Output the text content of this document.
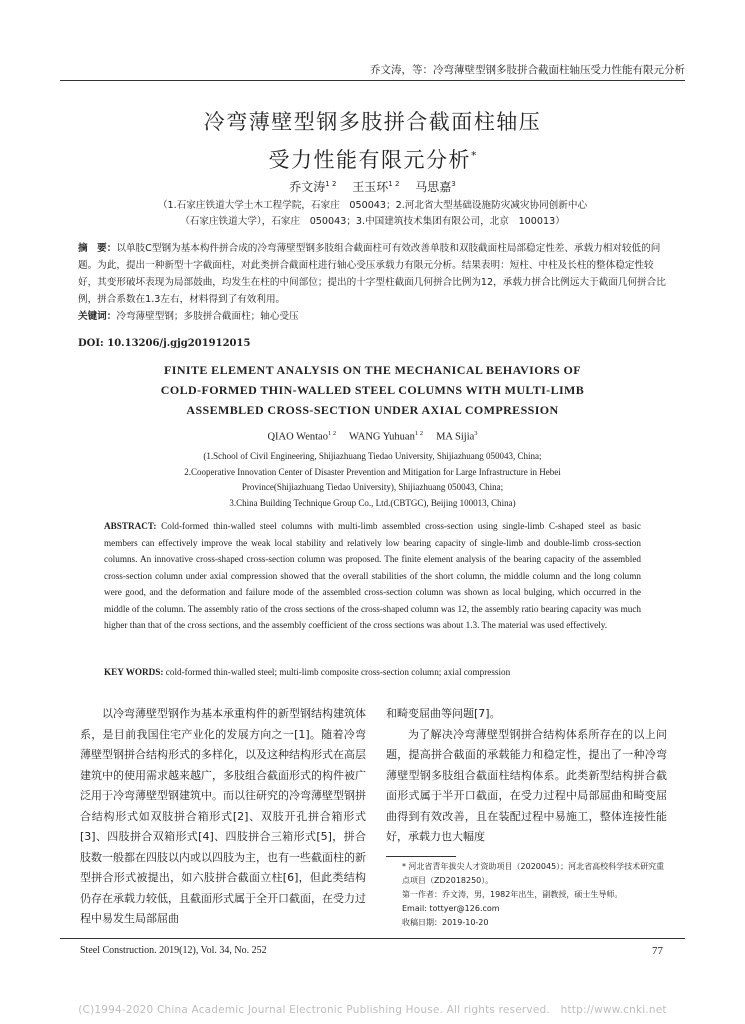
乔文涛，等：冷弯薄壁型钢多肢拼合截面柱轴压受力性能有限元分析
冷弯薄壁型钢多肢拼合截面柱轴压
受力性能有限元分析*
乔文涛$^{1 2}$　 王玉环$^{1 2}$　 马思嘉$^3$
（1.石家庄铁道大学土木工程学院，石家庄　050043；2.河北省大型基础设施防灾减灾协同创新中心
（石家庄铁道大学），石家庄　050043；3.中国建筑技术集团有限公司，北京　100013）
摘　要：以单肢C型钢为基本构件拼合成的冷弯薄壁型钢多肢组合截面柱可有效改善单肢和双肢截面柱局部稳定性差、承载力相对较低的问题。为此，提出一种新型十字截面柱，对此类拼合截面柱进行轴心受压承载力有限元分析。结果表明：短柱、中柱及长柱的整体稳定性较好，其变形破坏表现为局部鼓曲，均发生在柱的中间部位；提出的十字型柱截面几何拼合比例为12，承载力拼合比例远大于截面几何拼合比例，拼合系数在1.3左右，材料得到了有效利用。
关键词：冷弯薄壁型钢；多肢拼合截面柱；轴心受压
DOI: 10.13206/j.gjg201912015
FINITE ELEMENT ANALYSIS ON THE MECHANICAL BEHAVIORS OF
COLD-FORMED THIN-WALLED STEEL COLUMNS WITH MULTI-LIMB
ASSEMBLED CROSS-SECTION UNDER AXIAL COMPRESSION
QIAO Wentao$^{1 2}$ WANG Yuhuan$^{1 2}$ MA Sijia$^3$
(1.School of Civil Engineering, Shijiazhuang Tiedao University, Shijiazhuang 050043, China;
2.Cooperative Innovation Center of Disaster Prevention and Mitigation for Large Infrastructure in Hebei
Province(Shijiazhuang Tiedao University), Shijiazhuang 050043, China;
3.China Building Technique Group Co., Ltd.(CBTGC), Beijing 100013, China)
ABSTRACT: Cold-formed thin-walled steel columns with multi-limb assembled cross-section using single-limb C-shaped steel as basic members can effectively improve the weak local stability and relatively low bearing capacity of single-limb and double-limb cross-section columns. An innovative cross-shaped cross-section column was proposed. The finite element analysis of the bearing capacity of the assembled cross-section column under axial compression showed that the overall stabilities of the short column, the middle column and the long column were good, and the deformation and failure mode of the assembled cross-section column was shown as local bulging, which occurred in the middle of the column. The assembly ratio of the cross sections of the cross-shaped column was 12, the assembly ratio bearing capacity was much higher than that of the cross sections, and the assembly coefficient of the cross sections was about 1.3. The material was used effectively.
KEY WORDS: cold-formed thin-walled steel; multi-limb composite cross-section column; axial compression

以冷弯薄壁型钢作为基本承重构件的新型钢结构建筑体系，是目前我国住宅产业化的发展方向之一[1]。随着冷弯薄壁型钢拼合结构形式的多样化，以及这种结构形式在高层建筑中的使用需求越来越广，多肢组合截面形式的构件被广泛用于冷弯薄壁型钢建筑中。而以往研究的冷弯薄壁型钢拼合结构形式如双肢拼合箱形式[2]、双肢开孔拼合箱形式[3]、四肢拼合双箱形式[4]、四肢拼合三箱形式[5]，拼合肢数一般都在四肢以内或以四肢为主，也有一些截面柱的新型拼合形式被提出，如六肢拼合截面立柱[6]，但此类结构仍存在承载力较低，且截面形式属于全开口截面，在受力过程中易发生局部屈曲

和畸变屈曲等问题[7]。

为了解决冷弯薄壁型钢拼合结构体系所存在的以上问题，提高拼合截面的承载能力和稳定性，提出了一种冷弯薄壁型钢多肢组合截面柱结构体系。此类新型结构拼合截面形式属于半开口截面，在受力过程中局部屈曲和畸变屈曲得到有效改善，且在装配过程中易施工，整体连接性能好，承载力也大幅度

* 河北省青年拔尖人才资助项目（2020045）；河北省高校科学技术研究重点项目（ZD2018250）。
第一作者：乔文涛，男，1982年出生，副教授，硕士生导师。
Email: tottyer@126.com
收稿日期：2019-10-20
Steel Construction. 2019(12), Vol. 34, No. 252	77
(C)1994-2020 China Academic Journal Electronic Publishing House. All rights reserved.　http://www.cnki.net
